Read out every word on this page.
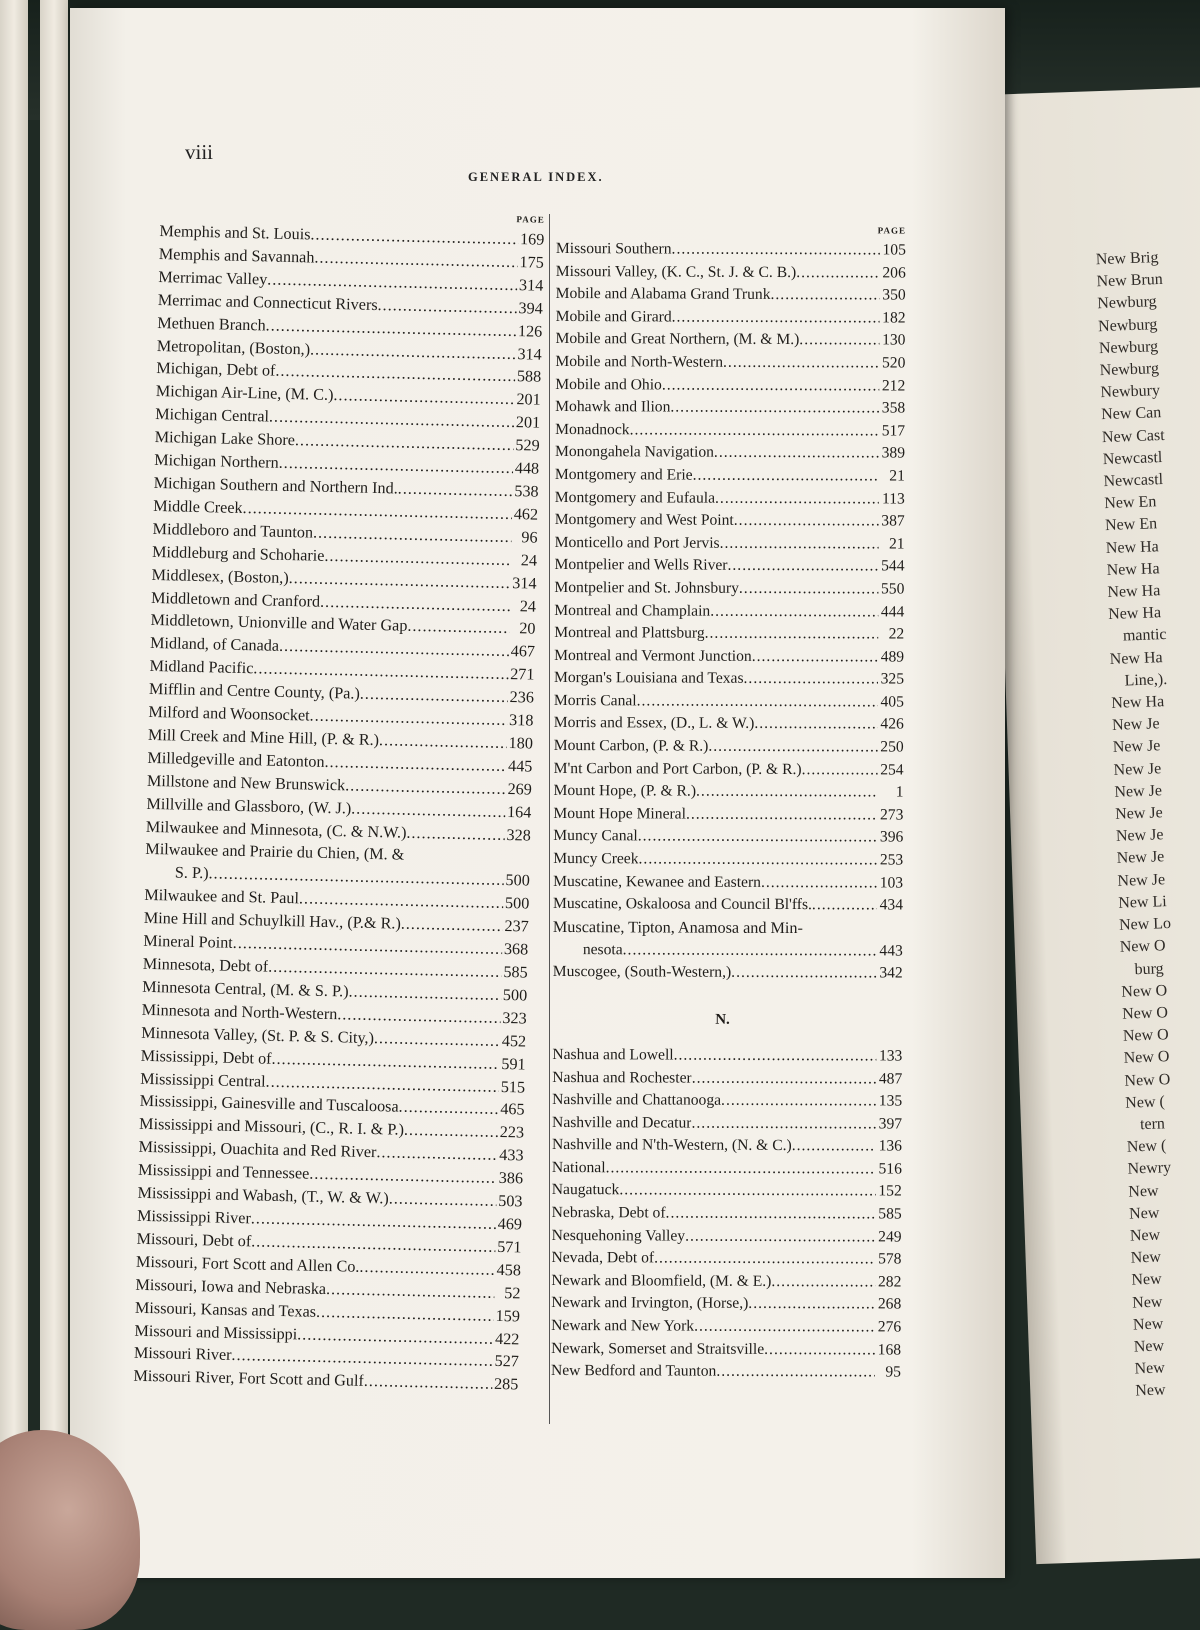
New Brig
New Brun
Newburg
Newburg
Newburg
Newburg
Newbury
New Can
New Cast
Newcastl
Newcastl
New En
New En
New Ha
New Ha
New Ha
New Ha
mantic
New Ha
Line,).
New Ha
New Je
New Je
New Je
New Je
New Je
New Je
New Je
New Je
New Li
New Lo
New O
burg
New O
New O
New O
New O
New O
New (
tern
New (
Newry
New
New
New
New
New
New
New
New
New
New
viii
GENERAL INDEX.
PAGE
Memphis and St. Louis .....	169
Memphis and Savannah .....	175
Merrimac Valley .....	314
Merrimac and Connecticut Rivers .....	394
Methuen Branch .....	126
Metropolitan, (Boston,) .....	314
Michigan, Debt of .....	588
Michigan Air-Line, (M. C.) .....	201
Michigan Central .....	201
Michigan Lake Shore .....	529
Michigan Northern .....	448
Michigan Southern and Northern Ind. .....	538
Middle Creek .....	462
Middleboro and Taunton .....	96
Middleburg and Schoharie .....	24
Middlesex, (Boston,) .....	314
Middletown and Cranford .....	24
Middletown, Unionville and Water Gap .....	20
Midland, of Canada .....	467
Midland Pacific .....	271
Mifflin and Centre County, (Pa.) .....	236
Milford and Woonsocket .....	318
Mill Creek and Mine Hill, (P. & R.) .....	180
Milledgeville and Eatonton .....	445
Millstone and New Brunswick .....	269
Millville and Glassboro, (W. J.) .....	164
Milwaukee and Minnesota, (C. & N.W.) .....	328
Milwaukee and Prairie du Chien, (M. &
S. P.) .....	500
Milwaukee and St. Paul .....	500
Mine Hill and Schuylkill Hav., (P.& R.) .....	237
Mineral Point .....	368
Minnesota, Debt of .....	585
Minnesota Central, (M. & S. P.) .....	500
Minnesota and North-Western .....	323
Minnesota Valley, (St. P. & S. City,) .....	452
Mississippi, Debt of .....	591
Mississippi Central .....	515
Mississippi, Gainesville and Tuscaloosa .....	465
Mississippi and Missouri, (C., R. I. & P.) .....	223
Mississippi, Ouachita and Red River .....	433
Mississippi and Tennessee .....	386
Mississippi and Wabash, (T., W. & W.) .....	503
Mississippi River .....	469
Missouri, Debt of .....	571
Missouri, Fort Scott and Allen Co. .....	458
Missouri, Iowa and Nebraska .....	52
Missouri, Kansas and Texas .....	159
Missouri and Mississippi .....	422
Missouri River .....	527
Missouri River, Fort Scott and Gulf .....	285
PAGE
Missouri Southern .....	105
Missouri Valley, (K. C., St. J. & C. B.) .....	206
Mobile and Alabama Grand Trunk .....	350
Mobile and Girard .....	182
Mobile and Great Northern, (M. & M.) .....	130
Mobile and North-Western .....	520
Mobile and Ohio .....	212
Mohawk and Ilion .....	358
Monadnock .....	517
Monongahela Navigation .....	389
Montgomery and Erie .....	21
Montgomery and Eufaula .....	113
Montgomery and West Point .....	387
Monticello and Port Jervis .....	21
Montpelier and Wells River .....	544
Montpelier and St. Johnsbury .....	550
Montreal and Champlain .....	444
Montreal and Plattsburg .....	22
Montreal and Vermont Junction .....	489
Morgan's Louisiana and Texas .....	325
Morris Canal .....	405
Morris and Essex, (D., L. & W.) .....	426
Mount Carbon, (P. & R.) .....	250
M'nt Carbon and Port Carbon, (P. & R.) .....	254
Mount Hope, (P. & R.) .....	1
Mount Hope Mineral .....	273
Muncy Canal .....	396
Muncy Creek .....	253
Muscatine, Kewanee and Eastern .....	103
Muscatine, Oskaloosa and Council Bl'ffs. .....	434
Muscatine, Tipton, Anamosa and Min-
nesota .....	443
Muscogee, (South-Western,) .....	342
N.
Nashua and Lowell .....	133
Nashua and Rochester .....	487
Nashville and Chattanooga .....	135
Nashville and Decatur .....	397
Nashville and N'th-Western, (N. & C.) .....	136
National .....	516
Naugatuck .....	152
Nebraska, Debt of .....	585
Nesquehoning Valley .....	249
Nevada, Debt of .....	578
Newark and Bloomfield, (M. & E.) .....	282
Newark and Irvington, (Horse,) .....	268
Newark and New York .....	276
Newark, Somerset and Straitsville .....	168
New Bedford and Taunton .....	95
